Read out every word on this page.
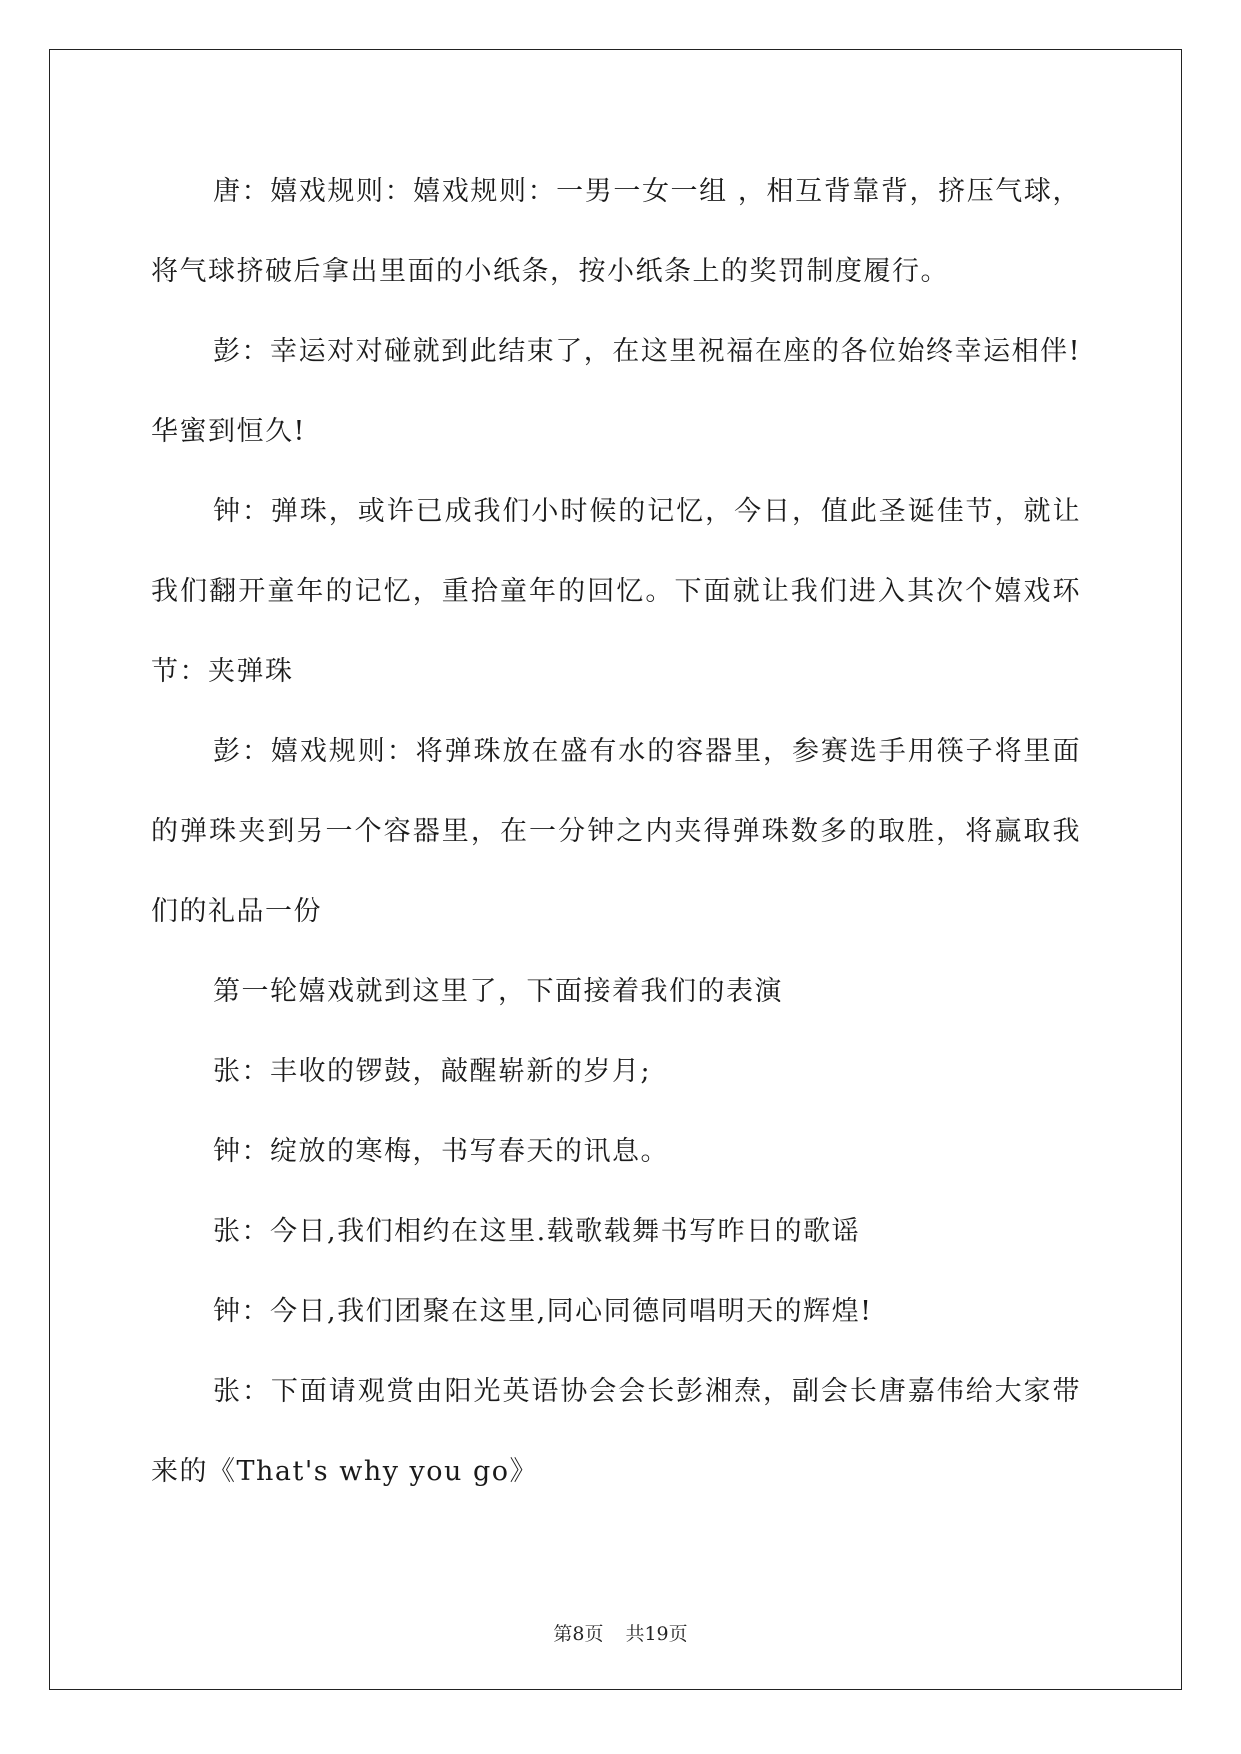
唐：嬉戏规则：嬉戏规则：一男一女一组 ，相互背靠背，挤压气球，将气球挤破后拿出里面的小纸条，按小纸条上的奖罚制度履行。

彭：幸运对对碰就到此结束了，在这里祝福在座的各位始终幸运相伴!华蜜到恒久!

钟：弹珠，或许已成我们小时候的记忆，今日，值此圣诞佳节，就让我们翻开童年的记忆，重拾童年的回忆。下面就让我们进入其次个嬉戏环节：夹弹珠

彭：嬉戏规则：将弹珠放在盛有水的容器里，参赛选手用筷子将里面的弹珠夹到另一个容器里，在一分钟之内夹得弹珠数多的取胜，将赢取我们的礼品一份

第一轮嬉戏就到这里了，下面接着我们的表演

张：丰收的锣鼓，敲醒崭新的岁月;

钟：绽放的寒梅，书写春天的讯息。

张：今日,我们相约在这里.载歌载舞书写昨日的歌谣

钟：今日,我们团聚在这里,同心同德同唱明天的辉煌!

张：下面请观赏由阳光英语协会会长彭湘焘，副会长唐嘉伟给大家带来的《That's why you go》

第8页 共19页
